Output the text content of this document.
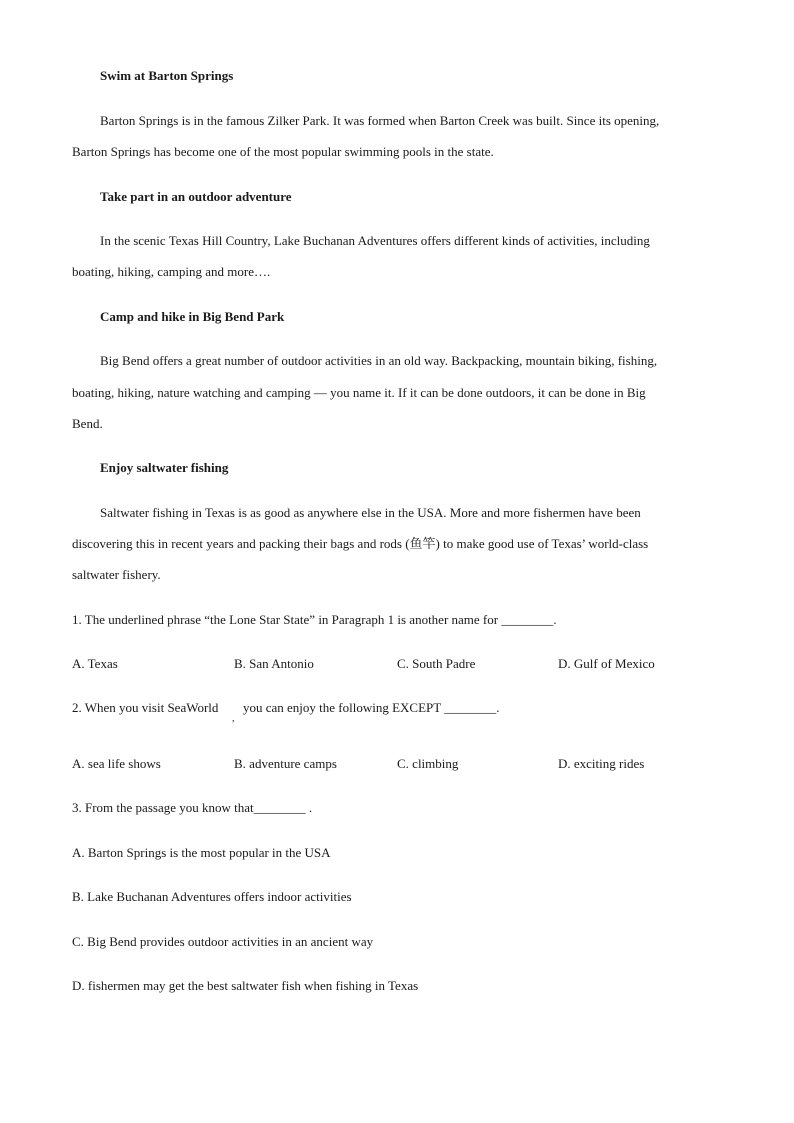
Swim at Barton Springs
Barton Springs is in the famous Zilker Park. It was formed when Barton Creek was built. Since its opening,
Barton Springs has become one of the most popular swimming pools in the state.
Take part in an outdoor adventure
In the scenic Texas Hill Country, Lake Buchanan Adventures offers different kinds of activities, including
boating, hiking, camping and more….
Camp and hike in Big Bend Park
Big Bend offers a great number of outdoor activities in an old way. Backpacking, mountain biking, fishing,
boating, hiking, nature watching and camping — you name it. If it can be done outdoors, it can be done in Big
Bend.
Enjoy saltwater fishing
Saltwater fishing in Texas is as good as anywhere else in the USA. More and more fishermen have been
discovering this in recent years and packing their bags and rods (鱼竿) to make good use of Texas’ world-class
saltwater fishery.
1. The underlined phrase “the Lone Star State” in Paragraph 1 is another name for ________.
A. Texas	B. San Antonio	C. South Padre	D. Gulf of Mexico
2. When you visit SeaWorld
,
you can enjoy the following EXCEPT ________.
A. sea life shows	B. adventure camps	C. climbing	D. exciting rides
3. From the passage you know that________ .
A. Barton Springs is the most popular in the USA
B. Lake Buchanan Adventures offers indoor activities
C. Big Bend provides outdoor activities in an ancient way
D. fishermen may get the best saltwater fish when fishing in Texas
